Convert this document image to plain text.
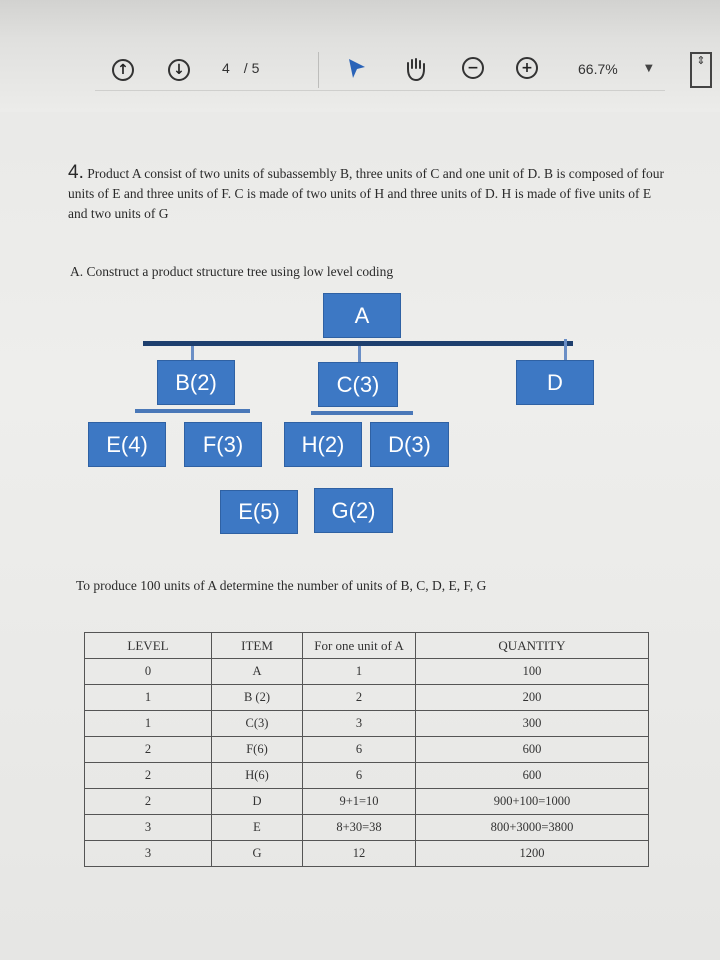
↑	↓	4 / 5	−	+	66.7%	▼
⇕
4. Product A consist of two units of subassembly B, three units of C and one unit of D. B is composed of four units of E and three units of F. C is made of two units of H and three units of D. H is made of five units of E and two units of G
A. Construct a product structure tree using low level coding
A
B(2)	C(3)	D
E(4)	F(3)	H(2)	D(3)
E(5)	G(2)
To produce 100 units of A determine the number of units of B, C, D, E, F, G
LEVEL	ITEM	For one unit of A	QUANTITY
0	A	1	100
1	B (2)	2	200
1	C(3)	3	300
2	F(6)	6	600
2	H(6)	6	600
2	D	9+1=10	900+100=1000
3	E	8+30=38	800+3000=3800
3	G	12	1200
